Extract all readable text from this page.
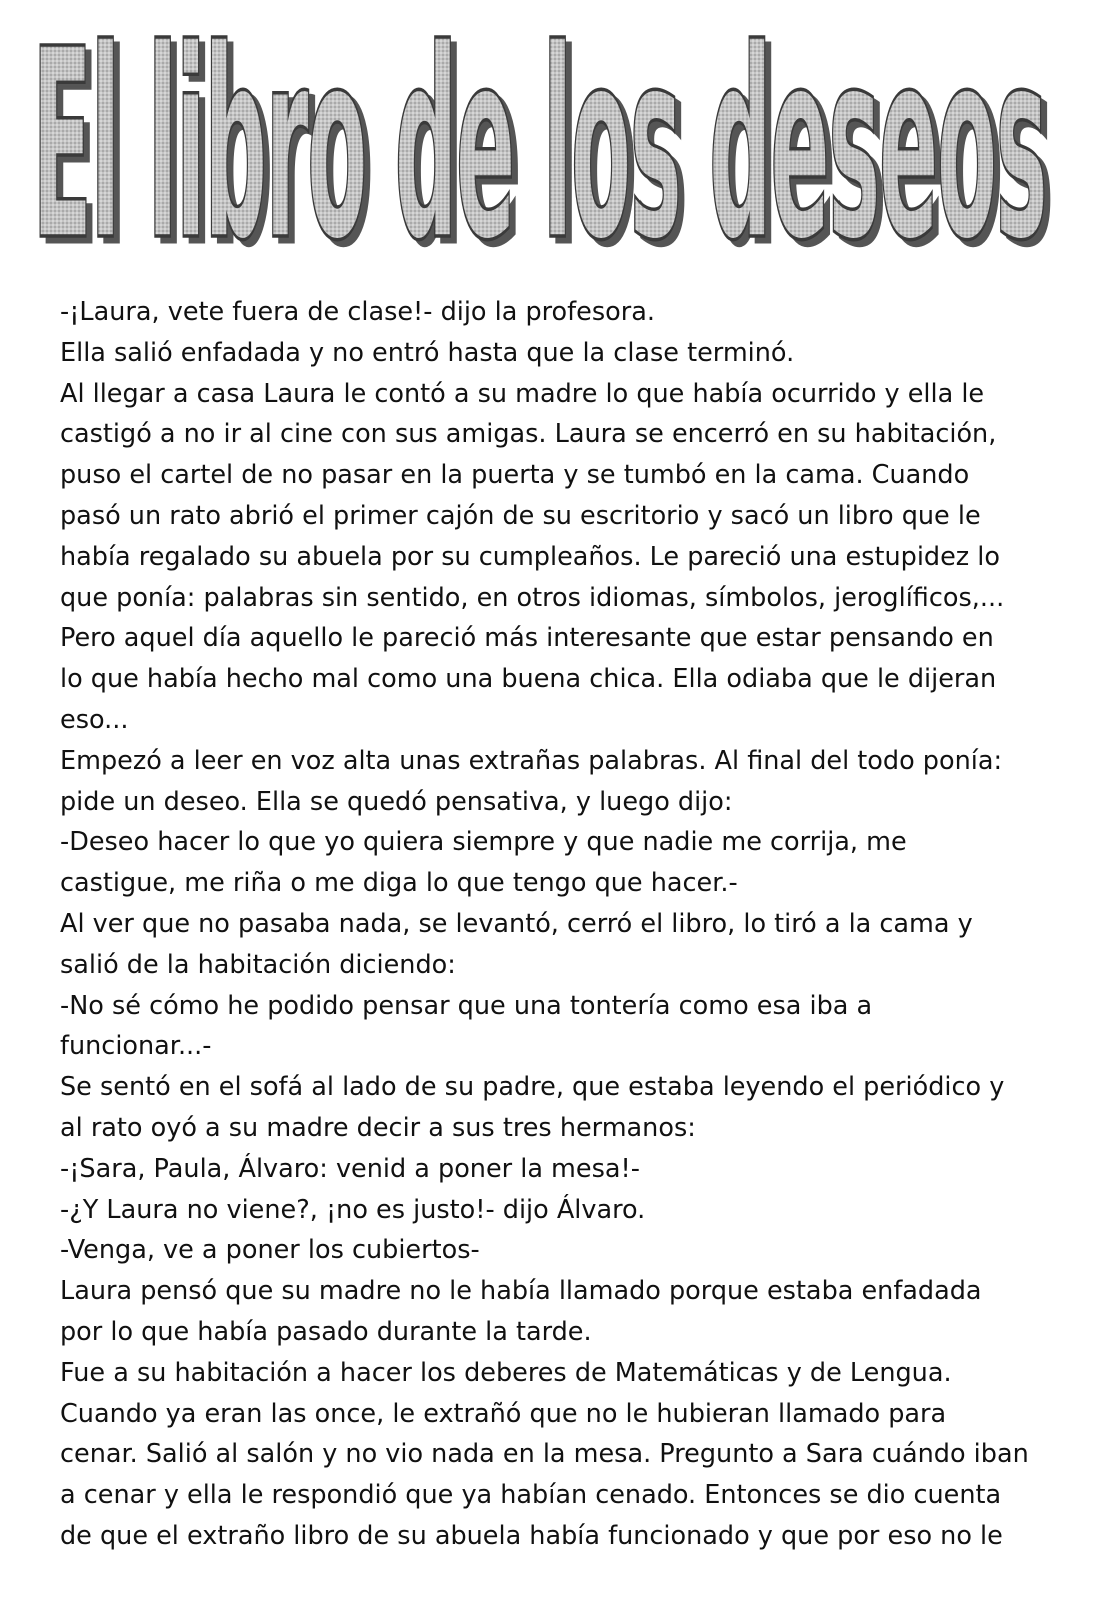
El libro de los deseos
El libro de los deseos
-¡Laura, vete fuera de clase!- dijo la profesora.
Ella salió enfadada y no entró hasta que la clase terminó.
Al llegar a casa Laura le contó a su madre lo que había ocurrido y ella le
castigó a no ir al cine con sus amigas. Laura se encerró en su habitación,
puso el cartel de no pasar en la puerta y se tumbó en la cama. Cuando
pasó un rato abrió el primer cajón de su escritorio y sacó un libro que le
había regalado su abuela por su cumpleaños. Le pareció una estupidez lo
que ponía: palabras sin sentido, en otros idiomas, símbolos, jeroglíficos,...
Pero aquel día aquello le pareció más interesante que estar pensando en
lo que había hecho mal como una buena chica. Ella odiaba que le dijeran
eso...
Empezó a leer en voz alta unas extrañas palabras. Al final del todo ponía:
pide un deseo. Ella se quedó pensativa, y luego dijo:
-Deseo hacer lo que yo quiera siempre y que nadie me corrija, me
castigue, me riña o me diga lo que tengo que hacer.-
Al ver que no pasaba nada, se levantó, cerró el libro, lo tiró a la cama y
salió de la habitación diciendo:
-No sé cómo he podido pensar que una tontería como esa iba a
funcionar...-
Se sentó en el sofá al lado de su padre, que estaba leyendo el periódico y
al rato oyó a su madre decir a sus tres hermanos:
-¡Sara, Paula, Álvaro: venid a poner la mesa!-
-¿Y Laura no viene?, ¡no es justo!- dijo Álvaro.
-Venga, ve a poner los cubiertos-
Laura pensó que su madre no le había llamado porque estaba enfadada
por lo que había pasado durante la tarde.
Fue a su habitación a hacer los deberes de Matemáticas y de Lengua.
Cuando ya eran las once, le extrañó que no le hubieran llamado para
cenar. Salió al salón y no vio nada en la mesa. Pregunto a Sara cuándo iban
a cenar y ella le respondió que ya habían cenado. Entonces se dio cuenta
de que el extraño libro de su abuela había funcionado y que por eso no le
